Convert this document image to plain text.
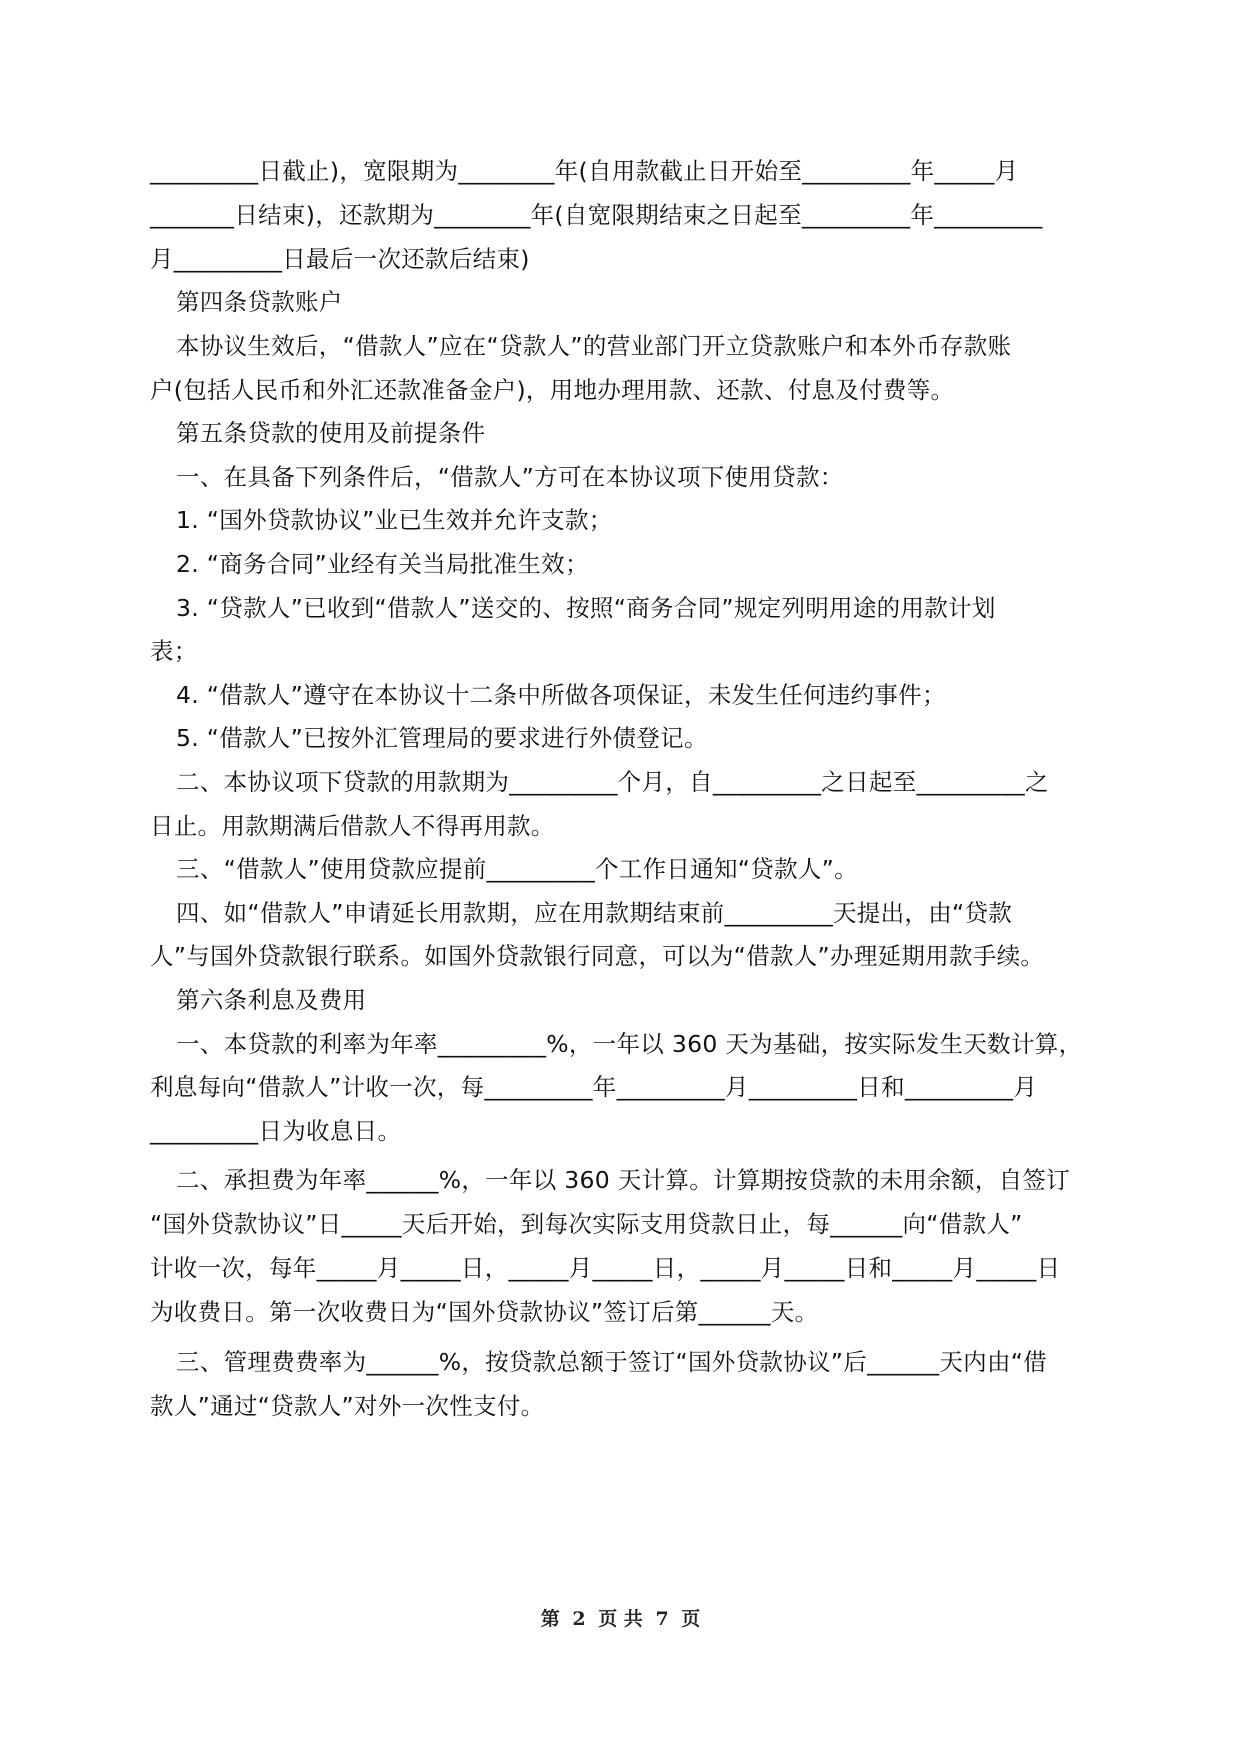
_________日截止)，宽限期为________年(自用款截止日开始至_________年_____月
_______日结束)，还款期为________年(自宽限期结束之日起至_________年_________
月_________日最后一次还款后结束)
第四条贷款账户
本协议生效后，“借款人”应在“贷款人”的营业部门开立贷款账户和本外币存款账
户(包括人民币和外汇还款准备金户)，用地办理用款、还款、付息及付费等。
第五条贷款的使用及前提条件
一、在具备下列条件后，“借款人”方可在本协议项下使用贷款：
1. “国外贷款协议”业已生效并允许支款；
2. “商务合同”业经有关当局批准生效；
3. “贷款人”已收到“借款人”送交的、按照“商务合同”规定列明用途的用款计划
表；
4. “借款人”遵守在本协议十二条中所做各项保证，未发生任何违约事件；
5. “借款人”已按外汇管理局的要求进行外债登记。
二、本协议项下贷款的用款期为_________个月，自_________之日起至_________之
日止。用款期满后借款人不得再用款。
三、“借款人”使用贷款应提前_________个工作日通知“贷款人”。
四、如“借款人”申请延长用款期，应在用款期结束前_________天提出，由“贷款
人”与国外贷款银行联系。如国外贷款银行同意，可以为“借款人”办理延期用款手续。
第六条利息及费用
一、本贷款的利率为年率_________%，一年以 360 天为基础，按实际发生天数计算，
利息每向“借款人”计收一次，每_________年_________月_________日和_________月
_________日为收息日。
二、承担费为年率______%，一年以 360 天计算。计算期按贷款的未用余额，自签订
“国外贷款协议”日_____天后开始，到每次实际支用贷款日止，每______向“借款人”
计收一次，每年_____月_____日，_____月_____日，_____月_____日和_____月_____日
为收费日。第一次收费日为“国外贷款协议”签订后第______天。
三、管理费费率为______%，按贷款总额于签订“国外贷款协议”后______天内由“借
款人”通过“贷款人”对外一次性支付。
第 2 页 共 7 页
